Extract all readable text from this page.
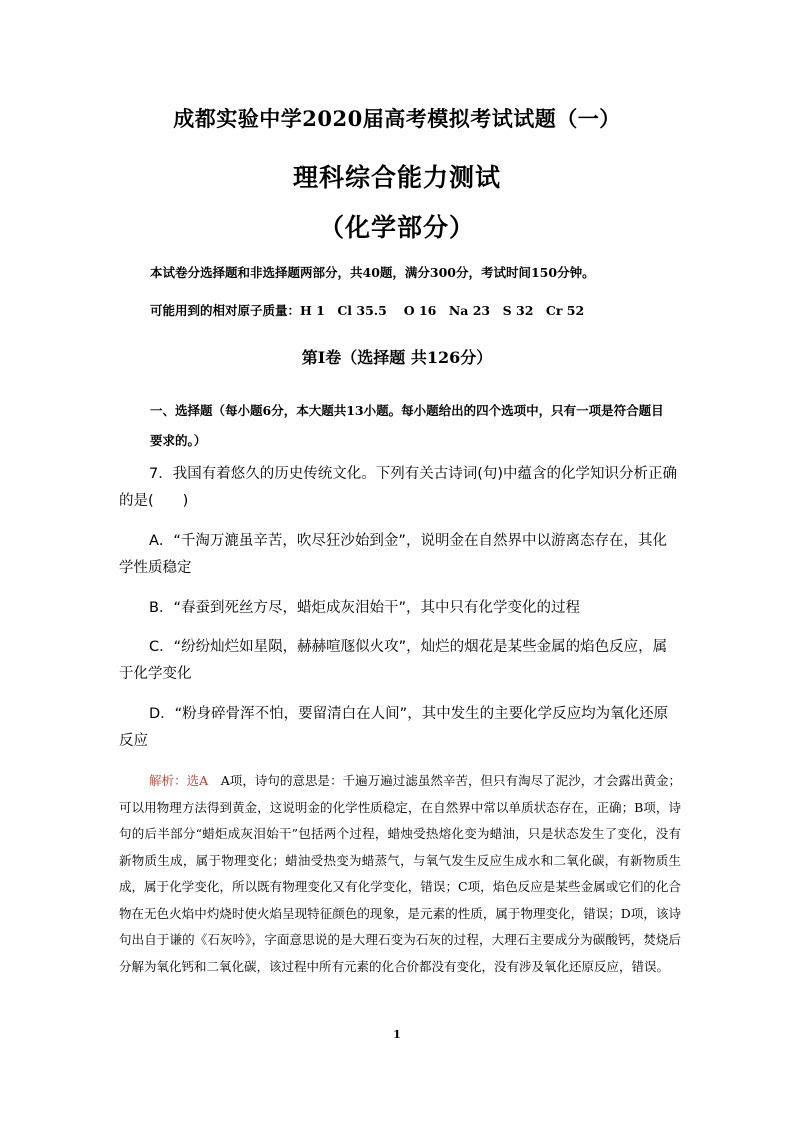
成都实验中学2020届高考模拟考试试题（一）
理科综合能力测试
（化学部分）
本试卷分选择题和非选择题两部分，共40题，满分300分，考试时间150分钟。
可能用到的相对原子质量：H 1　Cl 35.5　 O 16　Na 23　S 32　Cr 52
第Ⅰ卷（选择题 共126分）
一、选择题（每小题6分，本大题共13小题。每小题给出的四个选项中，只有一项是符合题目要求的。）
7．我国有着悠久的历史传统文化。下列有关古诗词(句)中蕴含的化学知识分析正确的是(　　)
A．“千淘万漉虽辛苦，吹尽狂沙始到金”，说明金在自然界中以游离态存在，其化学性质稳定
B．“春蚕到死丝方尽，蜡炬成灰泪始干”，其中只有化学变化的过程
C．“纷纷灿烂如星陨，赫赫喧豗似火攻”，灿烂的烟花是某些金属的焰色反应，属于化学变化
D．“粉身碎骨浑不怕，要留清白在人间”，其中发生的主要化学反应均为氧化还原反应
解析：选A　A项，诗句的意思是：千遍万遍过滤虽然辛苦，但只有淘尽了泥沙，才会露出黄金；可以用物理方法得到黄金，这说明金的化学性质稳定，在自然界中常以单质状态存在，正确；B项，诗句的后半部分“蜡炬成灰泪始干”包括两个过程，蜡烛受热熔化变为蜡油，只是状态发生了变化，没有新物质生成，属于物理变化；蜡油受热变为蜡蒸气，与氧气发生反应生成水和二氧化碳，有新物质生成，属于化学变化，所以既有物理变化又有化学变化，错误；C项，焰色反应是某些金属或它们的化合物在无色火焰中灼烧时使火焰呈现特征颜色的现象，是元素的性质，属于物理变化，错误；D项，该诗句出自于谦的《石灰吟》，字面意思说的是大理石变为石灰的过程，大理石主要成分为碳酸钙，焚烧后分解为氧化钙和二氧化碳，该过程中所有元素的化合价都没有变化，没有涉及氧化还原反应，错误。
1
